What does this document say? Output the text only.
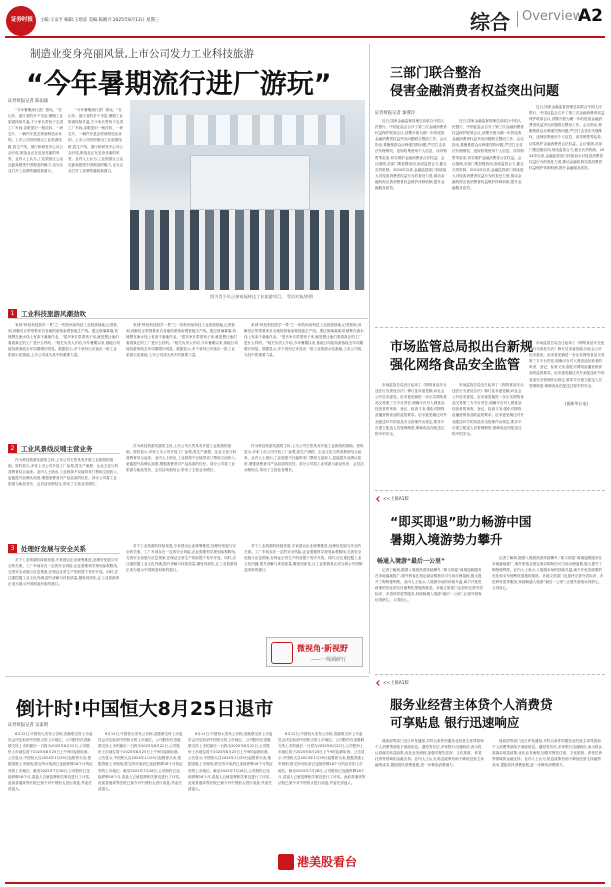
证券时报	主编:王安平 编辑:王晗彦 美编:陈婉兴 2025年8月13日 星期三	综合 Overview
A2
制造业变身亮丽风景,上市公司发力工业科技旅游
“今年暑期流行进厂游玩”
证券时报记者 陈雨康
“今年暑期流行进厂游玩。”在山东、浙江省的多个市县,暑期工业旅游持续升温,不少家长带孩子走进工厂车间,亲眼见识一瓶饮料、一块芯片、一辆汽车是怎样被制造出来的。上市公司纷纷推出工业旅游线路,将生产线、展厅和研发中心向公众开放,制造业正在变身亮丽的风景。业内人士认为,工业旅游让公众近距离感受中国制造的魅力,也为企业打开了品牌传播的新窗口。
“今年暑期流行进厂游玩。”在山东、浙江省的多个市县,暑期工业旅游持续升温,不少家长带孩子走进工厂车间,亲眼见识一瓶饮料、一块芯片、一辆汽车是怎样被制造出来的。上市公司纷纷推出工业旅游线路,将生产线、展厅和研发中心向公众开放,制造业正在变身亮丽的风景。业内人士认为,工业旅游让公众近距离感受中国制造的魅力,也为企业打开了品牌传播的新窗口。
图为青少年正参观福林达工业旅游项目。 受访对象/供图
1	工业科技旅游风潮劲吹
来到“科技科技游学一景”之一的杭州某科技工业旅游基地,记者看到,讲解员正带领着来自各地的游客参观智能生产线。透过玻璃幕墙,机械臂在流水线上有条不紊地作业。“很多家长带着孩子来,就是想让他们看看真正的工厂是什么样的。”相关负责人介绍,今年暑期以来,基地日均接待游客较去年同期增长明显。数据显示,多个省份已评选出一批工业旅游示范基地,上市公司成为其中的重要力量。
来到“科技科技游学一景”之一的杭州某科技工业旅游基地,记者看到,讲解员正带领着来自各地的游客参观智能生产线。透过玻璃幕墙,机械臂在流水线上有条不紊地作业。“很多家长带着孩子来,就是想让他们看看真正的工厂是什么样的。”相关负责人介绍,今年暑期以来,基地日均接待游客较去年同期增长明显。数据显示,多个省份已评选出一批工业旅游示范基地,上市公司成为其中的重要力量。
来到“科技科技游学一景”之一的杭州某科技工业旅游基地,记者看到,讲解员正带领着来自各地的游客参观智能生产线。透过玻璃幕墙,机械臂在流水线上有条不紊地作业。“很多家长带着孩子来,就是想让他们看看真正的工厂是什么样的。”相关负责人介绍,今年暑期以来,基地日均接待游客较去年同期增长明显。数据显示,多个省份已评选出一批工业旅游示范基地,上市公司成为其中的重要力量。
2	工业风景线反哺主营业务
作为科技旅游实践的主体,上市公司天然具有开展工业旅游的基础。资料显示,多家上市公司开放工厂参观,将生产流程、企业文化与科普教育结合起来。业内人士指出,工业旅游不仅能带来门票和文创收入,更能提升品牌认知度,增强消费者对产品品质的信任。部分公司将工业旅游与新品发布、会员活动相结合,带动了主营业务增长。
作为科技旅游实践的主体,上市公司天然具有开展工业旅游的基础。资料显示,多家上市公司开放工厂参观,将生产流程、企业文化与科普教育结合起来。业内人士指出,工业旅游不仅能带来门票和文创收入,更能提升品牌认知度,增强消费者对产品品质的信任。部分公司将工业旅游与新品发布、会员活动相结合,带动了主营业务增长。
作为科技旅游实践的主体,上市公司天然具有开展工业旅游的基础。资料显示,多家上市公司开放工厂参观,将生产流程、企业文化与科普教育结合起来。业内人士指出,工业旅游不仅能带来门票和文创收入,更能提升品牌认知度,增强消费者对产品品质的信任。部分公司将工业旅游与新品发布、会员活动相结合,带动了主营业务增长。
3	处理好发展与安全关系
对于工业旅游的持续发展,专家建议企业统筹推进,处理好发展与安全的关系。工厂车间存在一定的安全风险,企业需要科学规划参观路线,完善安全设施与应急预案,在保证正常生产的前提下有序开放。同时,应注重挖掘工业文化内涵,提升讲解与体验质量,避免同质化,让工业旅游真正成为展示中国制造形象的窗口。
对于工业旅游的持续发展,专家建议企业统筹推进,处理好发展与安全的关系。工厂车间存在一定的安全风险,企业需要科学规划参观路线,完善安全设施与应急预案,在保证正常生产的前提下有序开放。同时,应注重挖掘工业文化内涵,提升讲解与体验质量,避免同质化,让工业旅游真正成为展示中国制造形象的窗口。
对于工业旅游的持续发展,专家建议企业统筹推进,处理好发展与安全的关系。工厂车间存在一定的安全风险,企业需要科学规划参观路线,完善安全设施与应急预案,在保证正常生产的前提下有序开放。同时,应注重挖掘工业文化内涵,提升讲解与体验质量,避免同质化,让工业旅游真正成为展示中国制造形象的窗口。
微视角·新视野
——一线调研行
三部门联合整治
侵害金融消费者权益突出问题
证券时报记者 秦燕玲
近日,国家金融监督管理总局联合中国人民银行、中国证监会召开了第三次金融消费者权益保护联席会议,部署开展为期一年的侵害金融消费者权益突出问题联合整治工作。会议指出,要聚焦群众反映强烈的问题,严厉打击非法代理维权、违规收集使用个人信息、误导销售等乱象,切实维护金融消费者合法权益。会议强调,各部门要加强协同,形成监管合力,健全长效机制。2024年以来,金融监管部门持续加大对侵害消费者权益行为的查处力度,推动金融机构完善消费者权益保护体制机制,提升金融服务质效。
近日,国家金融监督管理总局联合中国人民银行、中国证监会召开了第三次金融消费者权益保护联席会议,部署开展为期一年的侵害金融消费者权益突出问题联合整治工作。会议指出,要聚焦群众反映强烈的问题,严厉打击非法代理维权、违规收集使用个人信息、误导销售等乱象,切实维护金融消费者合法权益。会议强调,各部门要加强协同,形成监管合力,健全长效机制。2024年以来,金融监管部门持续加大对侵害消费者权益行为的查处力度,推动金融机构完善消费者权益保护体制机制,提升金融服务质效。
近日,国家金融监督管理总局联合中国人民银行、中国证监会召开了第三次金融消费者权益保护联席会议,部署开展为期一年的侵害金融消费者权益突出问题联合整治工作。会议指出,要聚焦群众反映强烈的问题,严厉打击非法代理维权、违规收集使用个人信息、误导销售等乱象,切实维护金融消费者合法权益。会议强调,各部门要加强协同,形成监管合力,健全长效机制。2024年以来,金融监管部门持续加大对侵害消费者权益行为的查处力度,推动金融机构完善消费者权益保护体制机制,提升金融服务质效。
市场监管总局拟出台新规
强化网络食品安全监管
市场监管总局近日起草了《网络食品安全违法行为查处办法》修订征求意见稿,向社会公开征求意见。征求意见稿进一步压实网络食品交易第三方平台责任,明确平台对入网食品经营者的审查、登记、检查义务,强化对网络直播营销食品的监管要求。征求意见稿还对外卖配送环节的食品安全管理作出规定,要求平台建立配送人员管理制度,保障食品在配送过程中的安全。
市场监管总局近日起草了《网络食品安全违法行为查处办法》修订征求意见稿,向社会公开征求意见。征求意见稿进一步压实网络食品交易第三方平台责任,明确平台对入网食品经营者的审查、登记、检查义务,强化对网络直播营销食品的监管要求。征求意见稿还对外卖配送环节的食品安全管理作出规定,要求平台建立配送人员管理制度,保障食品在配送过程中的安全。
市场监管总局近日起草了《网络食品安全违法行为查处办法》修订征求意见稿,向社会公开征求意见。征求意见稿进一步压实网络食品交易第三方平台责任,明确平台对入网食品经营者的审查、登记、检查义务,强化对网络直播营销食品的监管要求。征求意见稿还对外卖配送环节的食品安全管理作出规定,要求平台建立配送人员管理制度,保障食品在配送过程中的安全。
(据新华社电)
<<上接A1版
“即买即退”助力畅游中国
暑期入境游势力攀升
畅通入境游“最后一公里”
记者了解到,随着入境游热度持续攀升,“即买即退”离境退税服务在多地落地推广,境外旅客在指定商店购物后可当场办理退税,极大提升了购物便利度。业内人士表示,入境游市场的持续升温,离不开免签政策的优化和支付便利化措施的推进。多地文旅部门也加快完善外语标识、多语种导览等服务,持续畅通入境游“最后一公里”,让境外游客玩得舒心、买得放心。
记者了解到,随着入境游热度持续攀升,“即买即退”离境退税服务在多地落地推广,境外旅客在指定商店购物后可当场办理退税,极大提升了购物便利度。业内人士表示,入境游市场的持续升温,离不开免签政策的优化和支付便利化措施的推进。多地文旅部门也加快完善外语标识、多语种导览等服务,持续畅通入境游“最后一公里”,让境外游客玩得舒心、买得放心。
<<上接A1版
服务业经营主体贷个人消费贷
可享贴息 银行迅速响应
财政部等部门近日印发通知,对符合条件的服务业经营主体贷款和个人消费贷款给予财政贴息。通知发布后,多家银行迅速响应,表示将认真落实贴息政策,优化业务流程,加强对餐饮住宿、文化旅游、养老托育等领域的金融支持。业内人士认为,贴息政策有助于降低经营主体融资成本,提振居民消费意愿,进一步释放消费潜力。
财政部等部门近日印发通知,对符合条件的服务业经营主体贷款和个人消费贷款给予财政贴息。通知发布后,多家银行迅速响应,表示将认真落实贴息政策,优化业务流程,加强对餐饮住宿、文化旅游、养老托育等领域的金融支持。业内人士认为,贴息政策有助于降低经营主体融资成本,提振居民消费意愿,进一步释放消费潜力。
倒计时!中国恒大8月25日退市
证券时报记者 吴家明
8月12日,中国恒大发布公告称,香港联交所上市委员会决定取消中国恒大的上市地位。公司股份在香港联交所上市的最后一日将为2025年8月22日,公司股份上市地位将于2025年8月25日上午9时起被取消。公告显示,中国恒大自2024年1月29日起暂停买卖,根据香港上市规则,联交所可取消已连续停牌18个月的证券的上市地位。截至2025年7月28日,公司股份已连续停牌18个月,清盘人已就复牌相关事宜进行了评估。此前香港高等法院已颁令对中国恒大进行清盘,并委任清盘人。
8月12日,中国恒大发布公告称,香港联交所上市委员会决定取消中国恒大的上市地位。公司股份在香港联交所上市的最后一日将为2025年8月22日,公司股份上市地位将于2025年8月25日上午9时起被取消。公告显示,中国恒大自2024年1月29日起暂停买卖,根据香港上市规则,联交所可取消已连续停牌18个月的证券的上市地位。截至2025年7月28日,公司股份已连续停牌18个月,清盘人已就复牌相关事宜进行了评估。此前香港高等法院已颁令对中国恒大进行清盘,并委任清盘人。
8月12日,中国恒大发布公告称,香港联交所上市委员会决定取消中国恒大的上市地位。公司股份在香港联交所上市的最后一日将为2025年8月22日,公司股份上市地位将于2025年8月25日上午9时起被取消。公告显示,中国恒大自2024年1月29日起暂停买卖,根据香港上市规则,联交所可取消已连续停牌18个月的证券的上市地位。截至2025年7月28日,公司股份已连续停牌18个月,清盘人已就复牌相关事宜进行了评估。此前香港高等法院已颁令对中国恒大进行清盘,并委任清盘人。
8月12日,中国恒大发布公告称,香港联交所上市委员会决定取消中国恒大的上市地位。公司股份在香港联交所上市的最后一日将为2025年8月22日,公司股份上市地位将于2025年8月25日上午9时起被取消。公告显示,中国恒大自2024年1月29日起暂停买卖,根据香港上市规则,联交所可取消已连续停牌18个月的证券的上市地位。截至2025年7月28日,公司股份已连续停牌18个月,清盘人已就复牌相关事宜进行了评估。此前香港高等法院已颁令对中国恒大进行清盘,并委任清盘人。
港美股看台
